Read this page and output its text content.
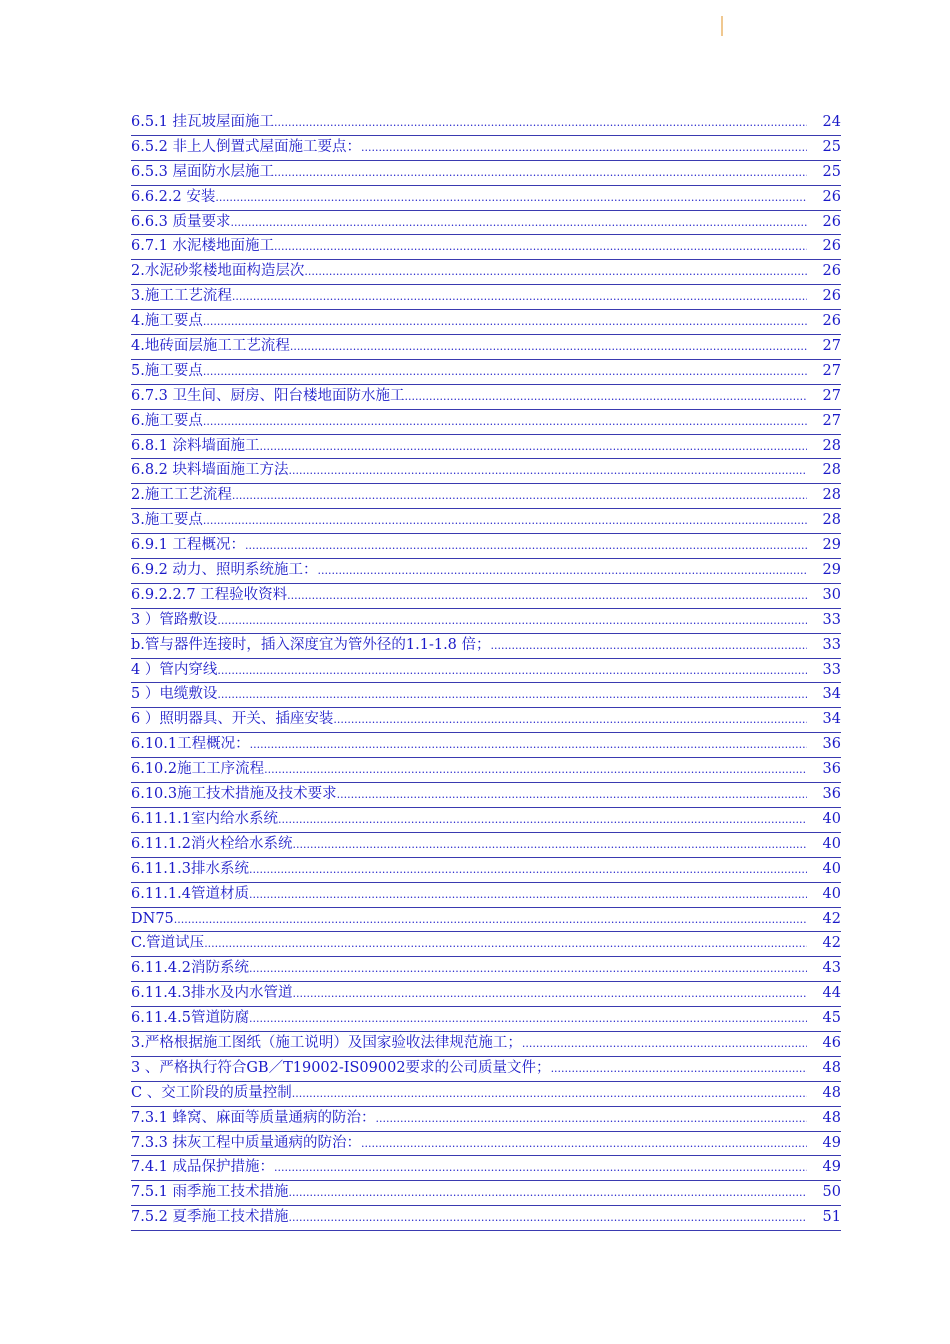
6.5.1 挂瓦坡屋面施工 .....	24
6.5.2 非上人倒置式屋面施工要点： .....	25
6.5.3 屋面防水层施工 .....	25
6.6.2.2 安装 .....	26
6.6.3 质量要求 .....	26
6.7.1 水泥楼地面施工 .....	26
2.水泥砂浆楼地面构造层次 .....	26
3.施工工艺流程 .....	26
4.施工要点 .....	26
4.地砖面层施工工艺流程 .....	27
5.施工要点 .....	27
6.7.3 卫生间、厨房、阳台楼地面防水施工 .....	27
6.施工要点 .....	27
6.8.1 涂料墙面施工 .....	28
6.8.2 块料墙面施工方法 .....	28
2.施工工艺流程 .....	28
3.施工要点 .....	28
6.9.1 工程概况： .....	29
6.9.2 动力、照明系统施工： .....	29
6.9.2.2.7 工程验收资料 .....	30
3 ）管路敷设 .....	33
b.管与器件连接时，插入深度宜为管外径的1.1-1.8 倍； .....	33
4 ）管内穿线 .....	33
5 ）电缆敷设 .....	34
6 ）照明器具、开关、插座安装 .....	34
6.10.1工程概况： .....	36
6.10.2施工工序流程 .....	36
6.10.3施工技术措施及技术要求 .....	36
6.11.1.1室内给水系统 .....	40
6.11.1.2消火栓给水系统 .....	40
6.11.1.3排水系统 .....	40
6.11.1.4管道材质 .....	40
DN75 .....	42
C.管道试压 .....	42
6.11.4.2消防系统 .....	43
6.11.4.3排水及内水管道 .....	44
6.11.4.5管道防腐 .....	45
3.严格根据施工图纸（施工说明）及国家验收法律规范施工； .....	46
3 、严格执行符合GB／T19002-IS09002要求的公司质量文件； .....	48
C 、交工阶段的质量控制 .....	48
7.3.1 蜂窝、麻面等质量通病的防治： .....	48
7.3.3 抹灰工程中质量通病的防治： .....	49
7.4.1 成品保护措施： .....	49
7.5.1 雨季施工技术措施 .....	50
7.5.2 夏季施工技术措施 .....	51
